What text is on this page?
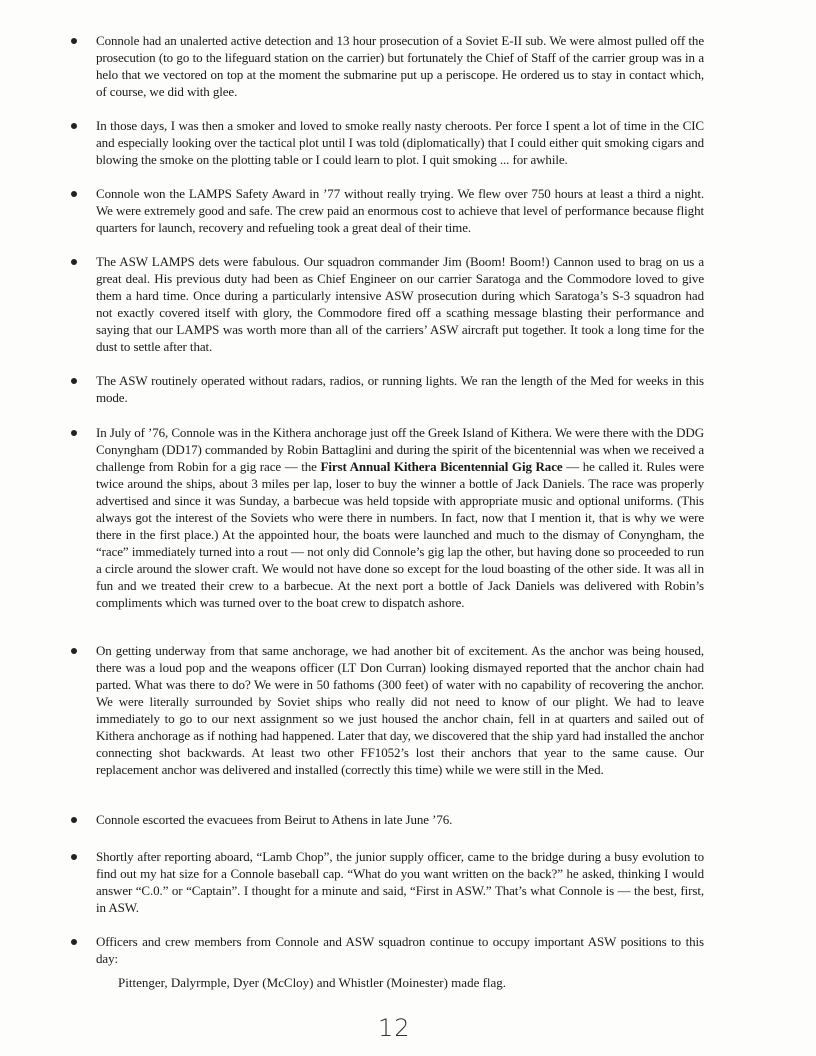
Connole had an unalerted active detection and 13 hour prosecution of a Soviet E-II sub. We were almost pulled off the prosecution (to go to the lifeguard station on the carrier) but fortunately the Chief of Staff of the carrier group was in a helo that we vectored on top at the moment the submarine put up a periscope. He ordered us to stay in contact which, of course, we did with glee.
In those days, I was then a smoker and loved to smoke really nasty cheroots. Per force I spent a lot of time in the CIC and especially looking over the tactical plot until I was told (diplomatically) that I could either quit smoking cigars and blowing the smoke on the plotting table or I could learn to plot. I quit smoking ... for awhile.
Connole won the LAMPS Safety Award in ’77 without really trying. We flew over 750 hours at least a third a night. We were extremely good and safe. The crew paid an enormous cost to achieve that level of performance because flight quarters for launch, recovery and refueling took a great deal of their time.
The ASW LAMPS dets were fabulous. Our squadron commander Jim (Boom! Boom!) Cannon used to brag on us a great deal. His previous duty had been as Chief Engineer on our carrier Saratoga and the Commodore loved to give them a hard time. Once during a particularly intensive ASW prosecution during which Saratoga’s S-3 squadron had not exactly covered itself with glory, the Commodore fired off a scathing message blasting their performance and saying that our LAMPS was worth more than all of the carriers’ ASW aircraft put together. It took a long time for the dust to settle after that.
The ASW routinely operated without radars, radios, or running lights. We ran the length of the Med for weeks in this mode.
In July of ’76, Connole was in the Kithera anchorage just off the Greek Island of Kithera. We were there with the DDG Conyngham (DD17) commanded by Robin Battaglini and during the spirit of the bicentennial was when we received a challenge from Robin for a gig race — the First Annual Kithera Bicentennial Gig Race — he called it. Rules were twice around the ships, about 3 miles per lap, loser to buy the winner a bottle of Jack Daniels. The race was properly advertised and since it was Sunday, a barbecue was held topside with appropriate music and optional uniforms. (This always got the interest of the Soviets who were there in numbers. In fact, now that I mention it, that is why we were there in the first place.) At the appointed hour, the boats were launched and much to the dismay of Conyngham, the “race” immediately turned into a rout — not only did Connole’s gig lap the other, but having done so proceeded to run a circle around the slower craft. We would not have done so except for the loud boasting of the other side. It was all in fun and we treated their crew to a barbecue. At the next port a bottle of Jack Daniels was delivered with Robin’s compliments which was turned over to the boat crew to dispatch ashore.
On getting underway from that same anchorage, we had another bit of excitement. As the anchor was being housed, there was a loud pop and the weapons officer (LT Don Curran) looking dismayed reported that the anchor chain had parted. What was there to do? We were in 50 fathoms (300 feet) of water with no capability of recovering the anchor. We were literally surrounded by Soviet ships who really did not need to know of our plight. We had to leave immediately to go to our next assignment so we just housed the anchor chain, fell in at quarters and sailed out of Kithera anchorage as if nothing had happened. Later that day, we discovered that the ship yard had installed the anchor connecting shot backwards. At least two other FF1052’s lost their anchors that year to the same cause. Our replacement anchor was delivered and installed (correctly this time) while we were still in the Med.
Connole escorted the evacuees from Beirut to Athens in late June ’76.
Shortly after reporting aboard, “Lamb Chop”, the junior supply officer, came to the bridge during a busy evolution to find out my hat size for a Connole baseball cap. “What do you want written on the back?” he asked, thinking I would answer “C.0.” or “Captain”. I thought for a minute and said, “First in ASW.” That’s what Connole is — the best, first, in ASW.
Officers and crew members from Connole and ASW squadron continue to occupy important ASW positions to this day:
Pittenger, Dalyrmple, Dyer (McCloy) and Whistler (Moinester) made flag.
12
